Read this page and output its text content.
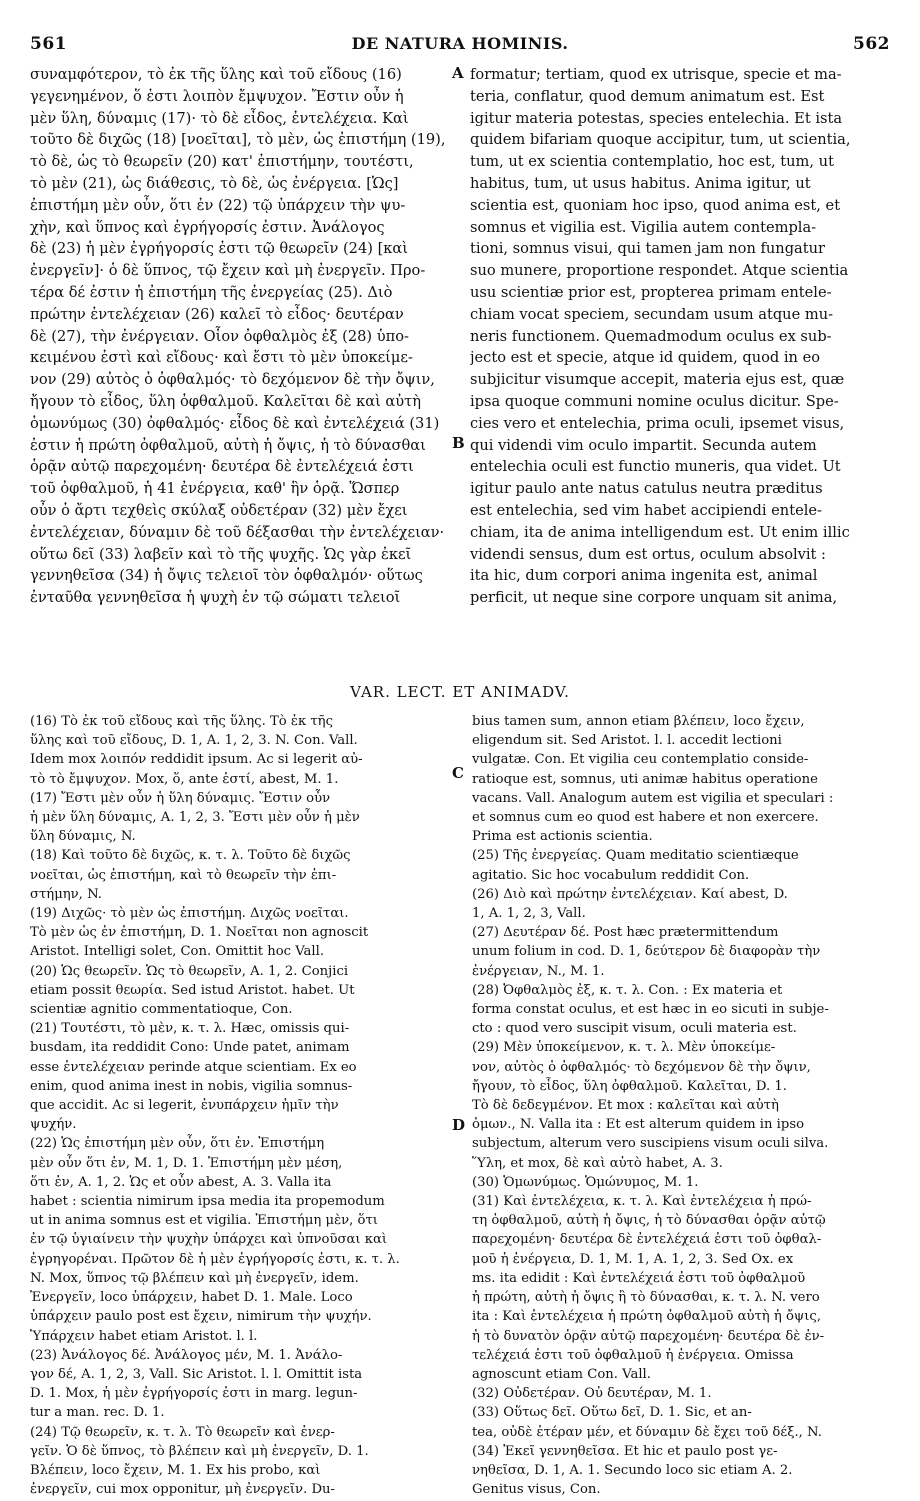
561	DE NATURA HOMINIS.	562

συναμφότερον, τὸ ἐκ τῆς ὕλης καὶ τοῦ εἴδους (16)

γεγενημένον, ὅ ἐστι λοιπὸν ἔμψυχον. Ἔστιν οὖν ἡ

μὲν ὕλη, δύναμις (17)· τὸ δὲ εἶδος, ἐντελέχεια. Καὶ

τοῦτο δὲ διχῶς (18) [νοεῖται], τὸ μὲν, ὡς ἐπιστήμη (19),

τὸ δὲ, ὡς τὸ θεωρεῖν (20) κατ' ἐπιστήμην, τουτέστι,

τὸ μὲν (21), ὡς διάθεσις, τὸ δὲ, ὡς ἐνέργεια. [Ὡς]

ἐπιστήμη μὲν οὖν, ὅτι ἐν (22) τῷ ὑπάρχειν τὴν ψυ-

χὴν, καὶ ὕπνος καὶ ἐγρήγορσίς ἐστιν. Ἀνάλογος

δὲ (23) ἡ μὲν ἐγρήγορσίς ἐστι τῷ θεωρεῖν (24) [καὶ

ἐνεργεῖν]· ὁ δὲ ὕπνος, τῷ ἔχειν καὶ μὴ ἐνεργεῖν. Προ-

τέρα δέ ἐστιν ἡ ἐπιστήμη τῆς ἐνεργείας (25). Διὸ

πρώτην ἐντελέχειαν (26) καλεῖ τὸ εἶδος· δευτέραν

δὲ (27), τὴν ἐνέργειαν. Οἷον ὀφθαλμὸς ἐξ (28) ὑπο-

κειμένου ἐστὶ καὶ εἴδους· καὶ ἔστι τὸ μὲν ὑποκείμε-

νον (29) αὐτὸς ὁ ὀφθαλμός· τὸ δεχόμενον δὲ τὴν ὄψιν,

ἤγουν τὸ εἶδος, ὕλη ὀφθαλμοῦ. Καλεῖται δὲ καὶ αὐτὴ

ὁμωνύμως (30) ὀφθαλμός· εἶδος δὲ καὶ ἐντελέχειά (31)

ἐστιν ἡ πρώτη ὀφθαλμοῦ, αὐτὴ ἡ ὄψις, ἡ τὸ δύνασθαι

ὁρᾷν αὐτῷ παρεχομένη· δευτέρα δὲ ἐντελέχειά ἐστι

τοῦ ὀφθαλμοῦ, ἡ 41 ἐνέργεια, καθ' ἣν ὁρᾷ. Ὥσπερ

οὖν ὁ ἄρτι τεχθεὶς σκύλαξ οὐδετέραν (32) μὲν ἔχει

ἐντελέχειαν, δύναμιν δὲ τοῦ δέξασθαι τὴν ἐντελέχειαν·

οὕτω δεῖ (33) λαβεῖν καὶ τὸ τῆς ψυχῆς. Ὡς γὰρ ἐκεῖ

γεννηθεῖσα (34) ἡ ὄψις τελειοῖ τὸν ὀφθαλμόν· οὕτως

ἐνταῦθα γεννηθεῖσα ἡ ψυχὴ ἐν τῷ σώματι τελειοῖ

formatur; tertiam, quod ex utrisque, specie et ma-

teria, conflatur, quod demum animatum est. Est

igitur materia potestas, species entelechia. Et ista

quidem bifariam quoque accipitur, tum, ut scientia,

tum, ut ex scientia contemplatio, hoc est, tum, ut

habitus, tum, ut usus habitus. Anima igitur, ut

scientia est, quoniam hoc ipso, quod anima est, et

somnus et vigilia est. Vigilia autem contempla-

tioni, somnus visui, qui tamen jam non fungatur

suo munere, proportione respondet. Atque scientia

usu scientiæ prior est, propterea primam entele-

chiam vocat speciem, secundam usum atque mu-

neris functionem. Quemadmodum oculus ex sub-

jecto est et specie, atque id quidem, quod in eo

subjicitur visumque accepit, materia ejus est, quæ

ipsa quoque communi nomine oculus dicitur. Spe-

cies vero et entelechia, prima oculi, ipsemet visus,

qui videndi vim oculo impartit. Secunda autem

entelechia oculi est functio muneris, qua videt. Ut

igitur paulo ante natus catulus neutra præditus

est entelechia, sed vim habet accipiendi entele-

chiam, ita de anima intelligendum est. Ut enim illic

videndi sensus, dum est ortus, oculum absolvit :

ita hic, dum corpori anima ingenita est, animal

perficit, ut neque sine corpore unquam sit anima,

A
B
C
D
VAR. LECT. ET ANIMADV.

(16) Τὸ ἐκ τοῦ εἴδους καὶ τῆς ὕλης. Τὸ ἐκ τῆς

ὕλης καὶ τοῦ εἴδους, D. 1, A. 1, 2, 3. N. Con. Vall.

Idem mox λοιπόν reddidit ipsum. Ac si legerit αὐ-

τὸ τὸ ἔμψυχον. Mox, ὅ, ante ἐστί, abest, M. 1.

(17) Ἔστι μὲν οὖν ἡ ὕλη δύναμις. Ἔστιν οὖν

ἡ μὲν ὕλη δύναμις, A. 1, 2, 3. Ἔστι μὲν οὖν ἡ μὲν

ὕλη δύναμις, N.

(18) Καὶ τοῦτο δὲ διχῶς, κ. τ. λ. Τοῦτο δὲ διχῶς

νοεῖται, ὡς ἐπιστήμη, καὶ τὸ θεωρεῖν τὴν ἐπι-

στήμην, N.

(19) Διχῶς· τὸ μὲν ὡς ἐπιστήμη. Διχῶς νοεῖται.

Τὸ μὲν ὡς ἐν ἐπιστήμη, D. 1. Νοεῖται non agnoscit

Aristot. Intelligi solet, Con. Omittit hoc Vall.

(20) Ὡς θεωρεῖν. Ὡς τὸ θεωρεῖν, A. 1, 2. Conjici

etiam possit θεωρία. Sed istud Aristot. habet. Ut

scientiæ agnitio commentatioque, Con.

(21) Τουτέστι, τὸ μὲν, κ. τ. λ. Hæc, omissis qui-

busdam, ita reddidit Cono: Unde patet, animam

esse ἐντελέχειαν perinde atque scientiam. Ex eo

enim, quod anima inest in nobis, vigilia somnus-

que accidit. Ac si legerit, ἐνυπάρχειν ἡμῖν τὴν

ψυχήν.

(22) Ὡς ἐπιστήμη μὲν οὖν, ὅτι ἐν. Ἐπιστήμη

μὲν οὖν ὅτι ἐν, M. 1, D. 1. Ἐπιστήμη μὲν μέση,

ὅτι ἐν, A. 1, 2. Ὡς et οὖν abest, A. 3. Valla ita

habet : scientia nimirum ipsa media ita propemodum

ut in anima somnus est et vigilia. Ἐπιστήμη μὲν, ὅτι

ἐν τῷ ὑγιαίνειν τὴν ψυχὴν ὑπάρχει καὶ ὑπνοῦσαι καὶ

ἐγρηγορέναι. Πρῶτον δὲ ἡ μὲν ἐγρήγορσίς ἐστι, κ. τ. λ.

N. Mox, ὕπνος τῷ βλέπειν καὶ μὴ ἐνεργεῖν, idem.

Ἐνεργεῖν, loco ὑπάρχειν, habet D. 1. Male. Loco

ὑπάρχειν paulo post est ἔχειν, nimirum τὴν ψυχήν.

Ὑπάρχειν habet etiam Aristot. l. l.

(23) Ἀνάλογος δέ. Ἀνάλογος μέν, M. 1. Ἀνάλο-

γον δέ, A. 1, 2, 3, Vall. Sic Aristot. l. l. Omittit ista

D. 1. Mox, ἡ μὲν ἐγρήγορσίς ἐστι in marg. legun-

tur a man. rec. D. 1.

(24) Τῷ θεωρεῖν, κ. τ. λ. Τὸ θεωρεῖν καὶ ἐνερ-

γεῖν. Ὁ δὲ ὕπνος, τὸ βλέπειν καὶ μὴ ἐνεργεῖν, D. 1.

Βλέπειν, loco ἔχειν, M. 1. Ex his probo, καὶ

ἐνεργεῖν, cui mox opponitur, μὴ ἐνεργεῖν. Du-

bius tamen sum, annon etiam βλέπειν, loco ἔχειν,

eligendum sit. Sed Aristot. l. l. accedit lectioni

vulgatæ. Con. Et vigilia ceu contemplatio conside-

ratioque est, somnus, uti animæ habitus operatione

vacans. Vall. Analogum autem est vigilia et speculari :

et somnus cum eo quod est habere et non exercere.

Prima est actionis scientia.

(25) Τῆς ἐνεργείας. Quam meditatio scientiæque

agitatio. Sic hoc vocabulum reddidit Con.

(26) Διὸ καὶ πρώτην ἐντελέχειαν. Καί abest, D.

1, A. 1, 2, 3, Vall.

(27) Δευτέραν δέ. Post hæc prætermittendum

unum folium in cod. D. 1, δεύτερον δὲ διαφορὰν τὴν

ἐνέργειαν, N., M. 1.

(28) Ὀφθαλμὸς ἐξ, κ. τ. λ. Con. : Ex materia et

forma constat oculus, et est hæc in eo sicuti in subje-

cto : quod vero suscipit visum, oculi materia est.

(29) Μὲν ὑποκείμενον, κ. τ. λ. Μὲν ὑποκείμε-

νον, αὐτὸς ὁ ὀφθαλμός· τὸ δεχόμενον δὲ τὴν ὄψιν,

ἤγουν, τὸ εἶδος, ὕλη ὀφθαλμοῦ. Καλεῖται, D. 1.

Τὸ δὲ δεδεγμένον. Et mox : καλεῖται καὶ αὐτὴ

ὁμων., N. Valla ita : Et est alterum quidem in ipso

subjectum, alterum vero suscipiens visum oculi silva.

Ὕλη, et mox, δὲ καὶ αὐτὸ habet, A. 3.

(30) Ὁμωνύμως. Ὁμώνυμος, M. 1.

(31) Καὶ ἐντελέχεια, κ. τ. λ. Καὶ ἐντελέχεια ἡ πρώ-

τη ὀφθαλμοῦ, αὐτὴ ἡ ὄψις, ἡ τὸ δύνασθαι ὁρᾷν αὐτῷ

παρεχομένη· δευτέρα δὲ ἐντελέχειά ἐστι τοῦ ὀφθαλ-

μοῦ ἡ ἐνέργεια, D. 1, M. 1, A. 1, 2, 3. Sed Ox. ex

ms. ita edidit : Καὶ ἐντελέχειά ἐστι τοῦ ὀφθαλμοῦ

ἡ πρώτη, αὐτὴ ἡ ὄψις ἢ τὸ δύνασθαι, κ. τ. λ. N. vero

ita : Καὶ ἐντελέχεια ἡ πρώτη ὀφθαλμοῦ αὐτὴ ἡ ὄψις,

ἡ τὸ δυνατὸν ὁρᾷν αὐτῷ παρεχομένη· δευτέρα δὲ ἐν-

τελέχειά ἐστι τοῦ ὀφθαλμοῦ ἡ ἐνέργεια. Omissa

agnoscunt etiam Con. Vall.

(32) Οὐδετέραν. Οὐ δευτέραν, M. 1.

(33) Οὕτως δεῖ. Οὕτω δεῖ, D. 1. Sic, et an-

tea, οὐδὲ ἑτέραν μέν, et δύναμιν δὲ ἔχει τοῦ δέξ., N.

(34) Ἐκεῖ γεννηθεῖσα. Et hic et paulo post γε-

νηθεῖσα, D. 1, A. 1. Secundo loco sic etiam A. 2.

Genitus visus, Con.
